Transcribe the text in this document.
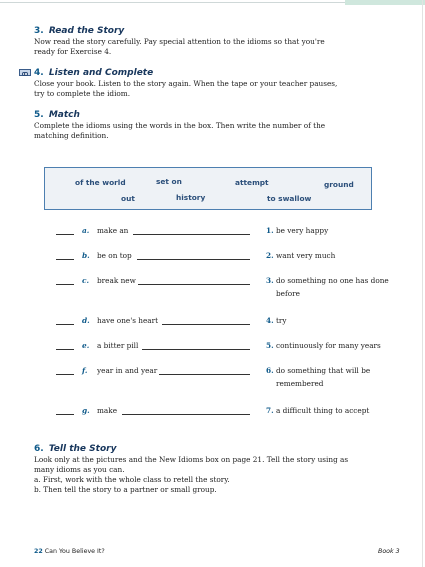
3. Read the Story
Now read the story carefully. Pay special attention to the idioms so that you're ready for Exercise 4.
4. Listen and Complete
Close your book. Listen to the story again. When the tape or your teacher pauses, try to complete the idiom.
5. Match
Complete the idioms using the words in the box. Then write the number of the matching definition.
of the world	set on	attempt	ground
out	history	to swallow
a. make an	1. be very happy
b. be on top	2. want very much
c. break new	3. do something no one has done before
d. have one's heart	4. try
e. a bitter pill	5. continuously for many years
f. year in and year	6. do something that will be remembered
g. make	7. a difficult thing to accept
6. Tell the Story
Look only at the pictures and the New Idioms box on page 21. Tell the story using as many idioms as you can.
a. First, work with the whole class to retell the story.
b. Then tell the story to a partner or small group.
22 Can You Believe It?	Book 3
